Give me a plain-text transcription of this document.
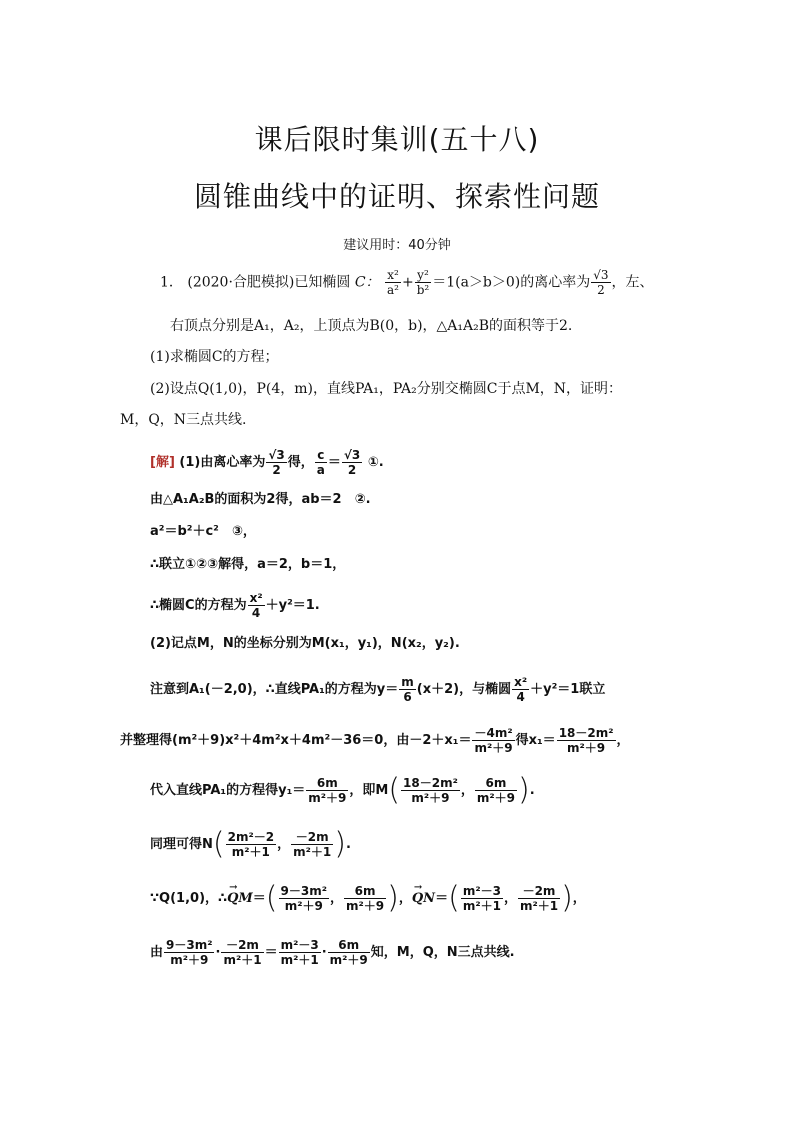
课后限时集训(五十八)
圆锥曲线中的证明、探索性问题
建议用时：40分钟
1． (2020·合肥模拟)已知椭圆 C： $\frac{\text{x²}}{\text{a²}} + \frac{\text{y²}}{\text{b²}} =1(a>b>0)$的离心率为 $\frac{√3}{2}$ ，左、
右顶点分别是A₁，A₂，上顶点为B(0，b)，△A₁A₂B的面积等于2.
(1)求椭圆C的方程；
(2)设点Q(1,0)，P(4，m)，直线PA₁，PA₂分别交椭圆C于点M，N，证明：
M，Q，N三点共线.
[解] (1)由离心率为 $\frac{√3}{2}$ 得， $\frac{c}{a} = \frac{√3}{2}$ ①.
由△A₁A₂B的面积为2得，ab＝2　②.
a²＝b²＋c²　③，
∴联立①②③解得，a＝2，b＝1，
∴椭圆C的方程为 $\frac{\text{x²}}{4} +y^2=1$.
(2)记点M，N的坐标分别为M(x₁，y₁)，N(x₂，y₂).
注意到A₁(－2,0)，∴直线PA₁的方程为$y= \frac{m}{6} (x+2)$，与椭圆 $\frac{\text{x²}}{4} +y^2=1$联立
并整理得(m²＋9)x²＋4m²x＋4m²－36＝0，由$-2+x_1= \frac{\text{－4m²}}{\text{m²＋9}}$ 得$x_1= \frac{\text{18－2m²}}{\text{m²＋9}}$ ，
代入直线PA₁的方程得$y_1= \frac{6m}{\text{m²＋9}}$ ，即$M( \frac{\text{18－2m²}}{\text{m²＋9}}$ ， $\frac{6m}{\text{m²＋9}}$ ).
同理可得$N( \frac{\text{2m²－2}}{\text{m²＋1}}$ ， $\frac{-2m}{\text{m²＋1}}$ ).
∵Q(1,0)，∴→ $QM=( \frac{\text{9－3m²}}{\text{m²＋9}}$ ， $\frac{6m}{\text{m²＋9}}$ )，→ $QN=( \frac{\text{m²－3}}{\text{m²＋1}}$ ， $\frac{-2m}{\text{m²＋1}}$ )，
由 $\frac{\text{9－3m²}}{\text{m²＋9}} \cdot \frac{-2m}{\text{m²＋1}} = \frac{\text{m²－3}}{\text{m²＋1}} \cdot \frac{6m}{\text{m²＋9}}$ 知，M，Q，N三点共线.
